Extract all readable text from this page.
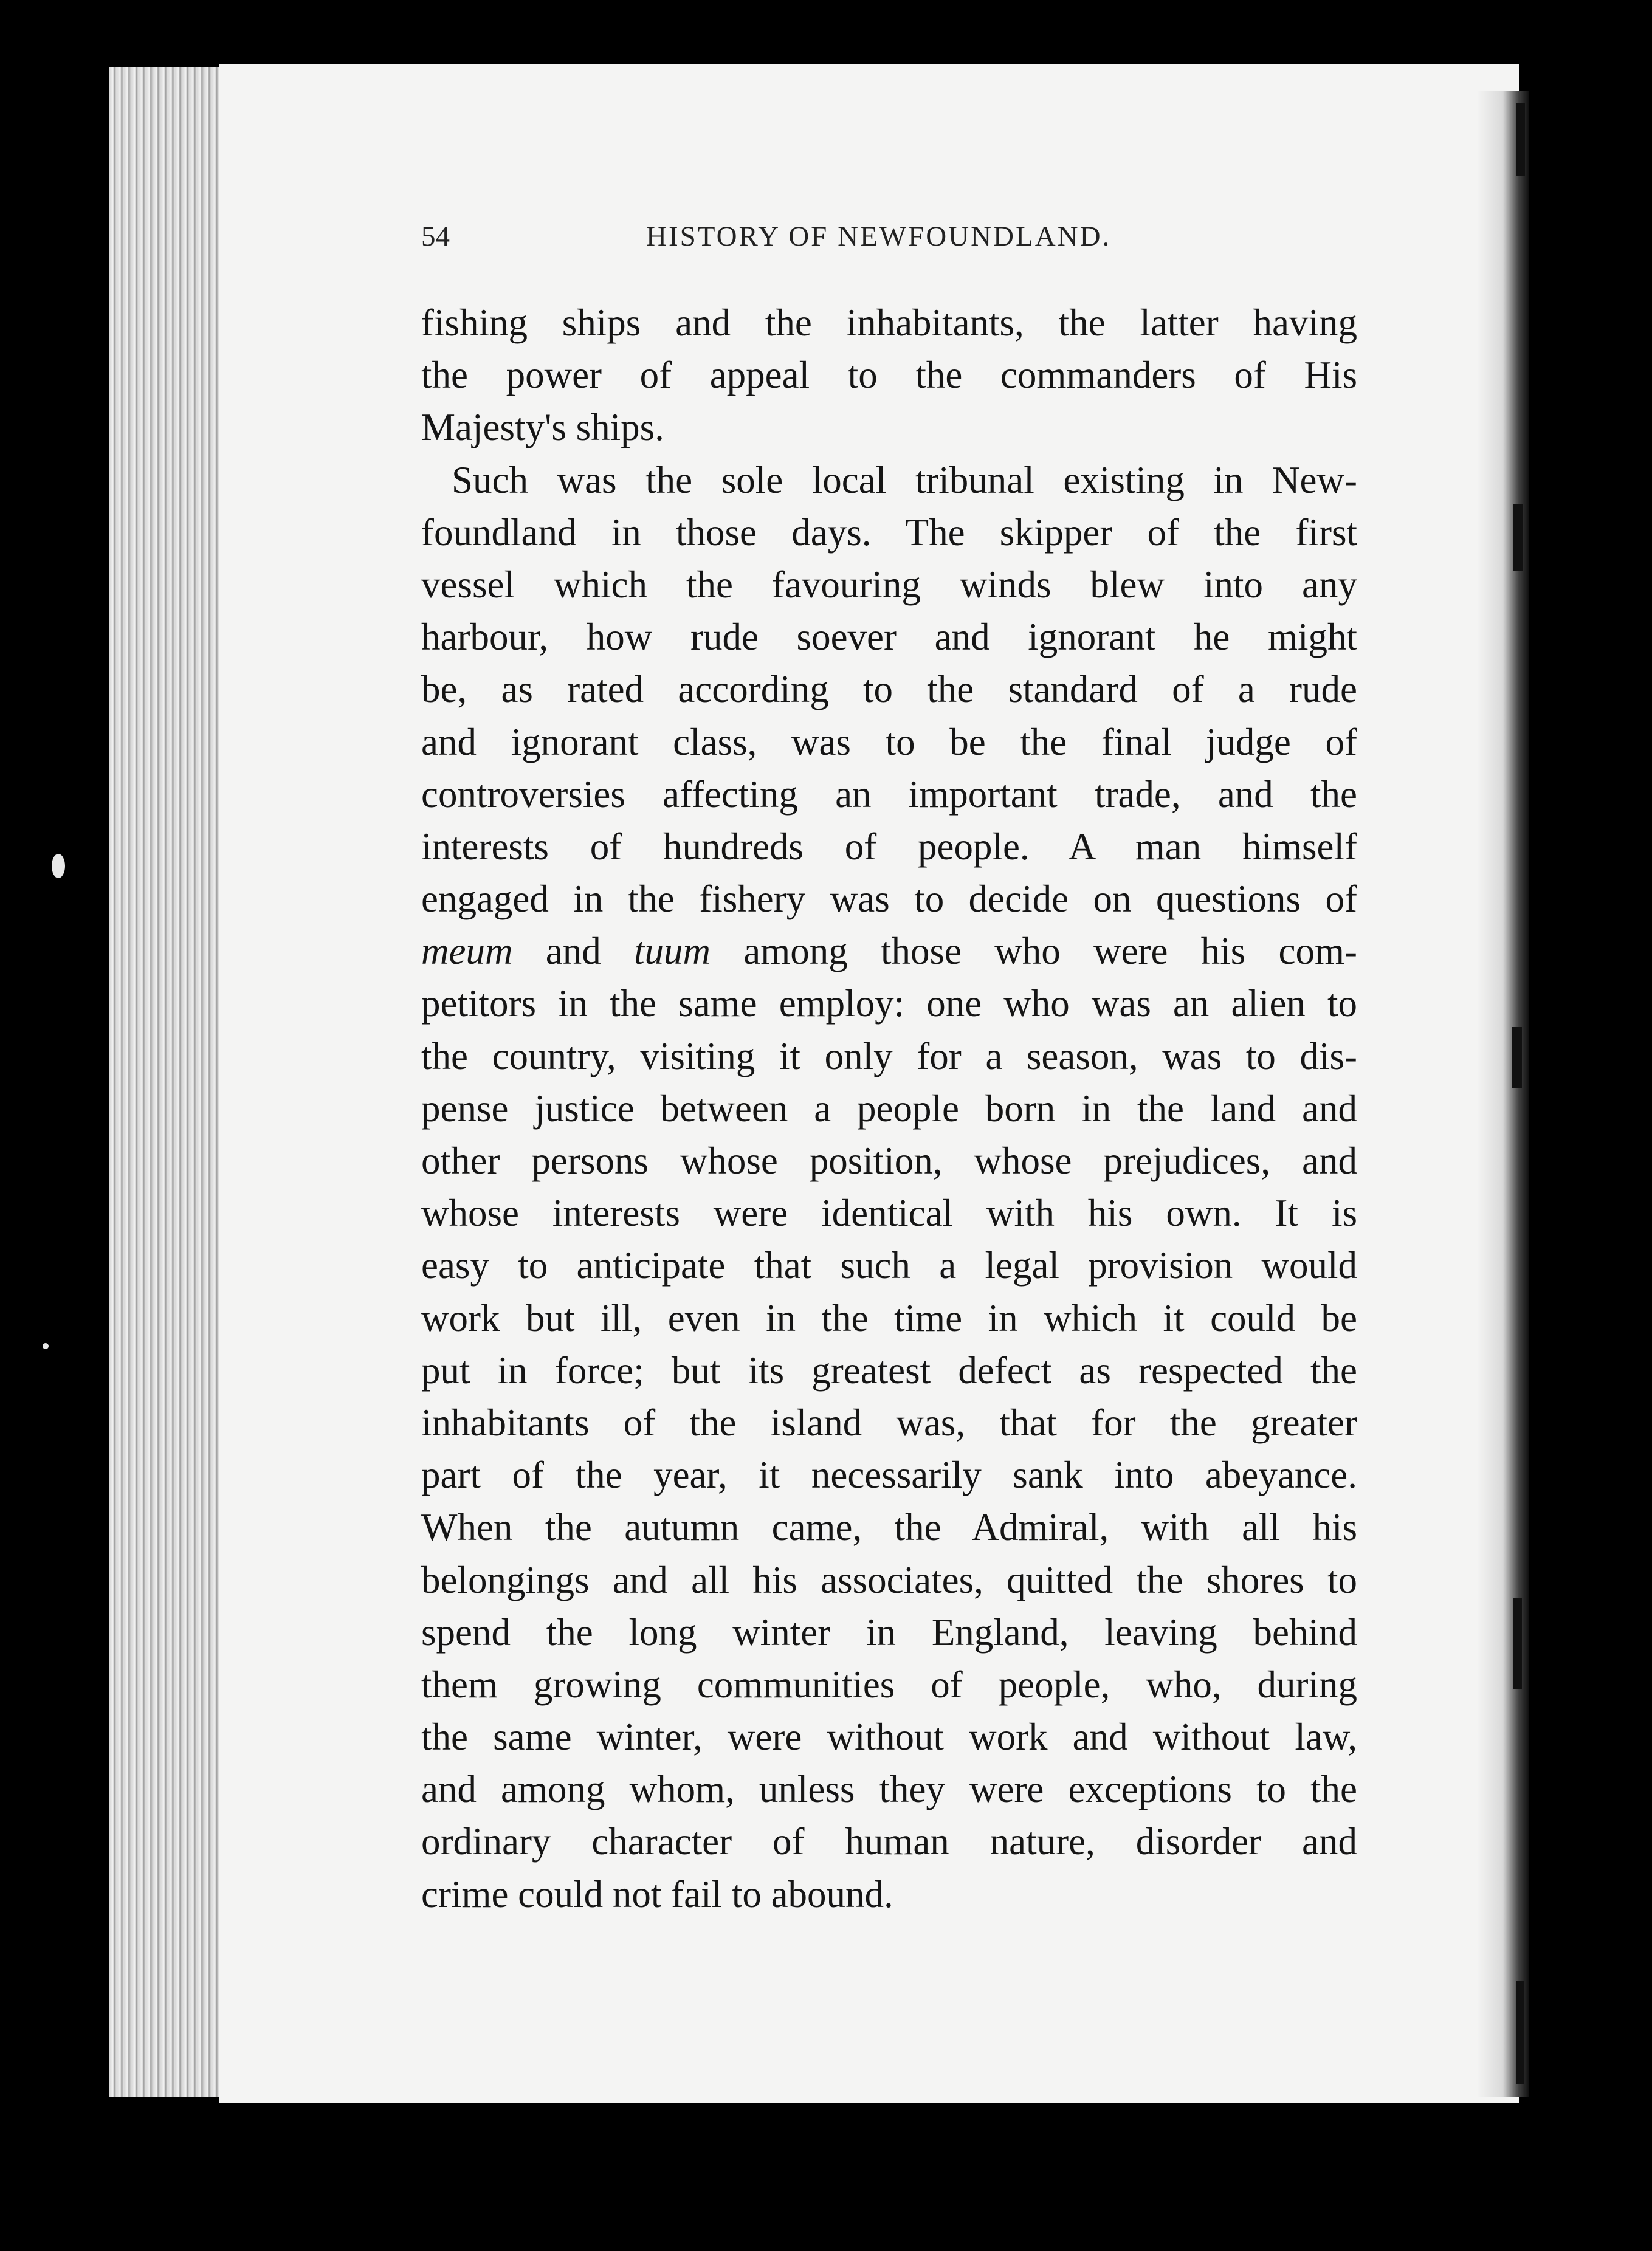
54	HISTORY OF NEWFOUNDLAND.
fishing ships and the inhabitants, the latter having
the power of appeal to the commanders of His
Majesty's ships.
Such was the sole local tribunal existing in New-
foundland in those days. The skipper of the first
vessel which the favouring winds blew into any
harbour, how rude soever and ignorant he might
be, as rated according to the standard of a rude
and ignorant class, was to be the final judge of
controversies affecting an important trade, and the
interests of hundreds of people. A man himself
engaged in the fishery was to decide on questions of
meum and tuum among those who were his com-
petitors in the same employ: one who was an alien to
the country, visiting it only for a season, was to dis-
pense justice between a people born in the land and
other persons whose position, whose prejudices, and
whose interests were identical with his own. It is
easy to anticipate that such a legal provision would
work but ill, even in the time in which it could be
put in force; but its greatest defect as respected the
inhabitants of the island was, that for the greater
part of the year, it necessarily sank into abeyance.
When the autumn came, the Admiral, with all his
belongings and all his associates, quitted the shores to
spend the long winter in England, leaving behind
them growing communities of people, who, during
the same winter, were without work and without law,
and among whom, unless they were exceptions to the
ordinary character of human nature, disorder and
crime could not fail to abound.
